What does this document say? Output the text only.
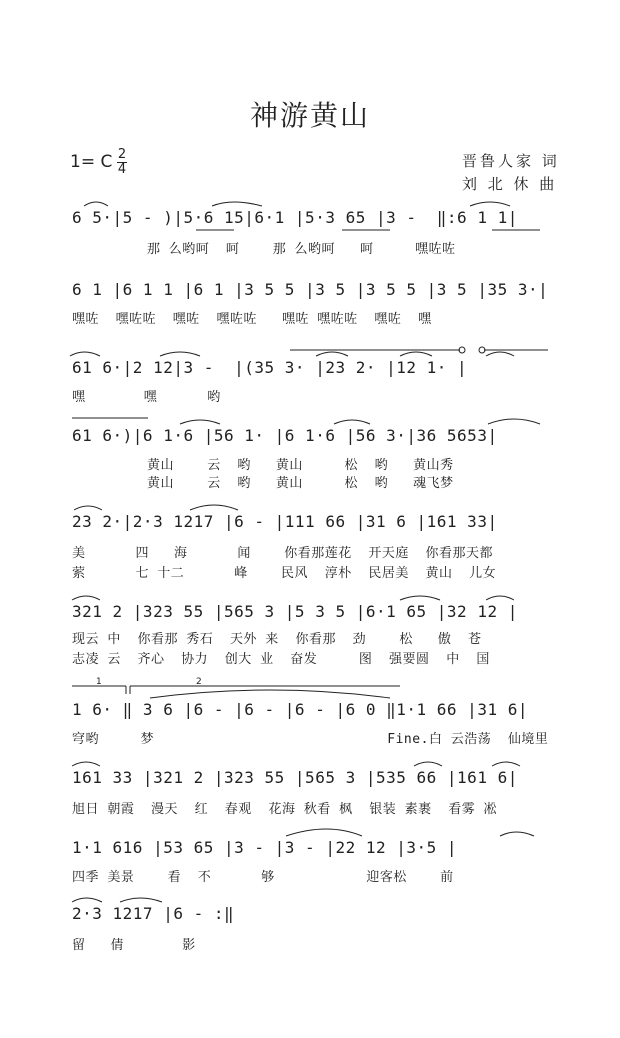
神游黄山
1= C 2
4	晋鲁人家 词
刘 北 休 曲
6 5·|5 - )|5·6 15|6·1 |5·3 65 |3 -  ‖:6 1 1|
那 么哟呵  呵    那 么哟呵   呵     嘿咗咗
6 1 |6 1 1 |6 1 |3 5 5 |3 5 |3 5 5 |3 5 |35 3·|
嘿咗  嘿咗咗  嘿咗  嘿咗咗   嘿咗 嘿咗咗  嘿咗  嘿
61 6·|2 12|3 -  |(35 3· |23 2· |12 1· |
嘿       嘿      哟
61 6·)|6 1·6 |56 1· |6 1·6 |56 3·|36 5653|
黄山    云  哟   黄山     松  哟   黄山秀
黄山    云  哟   黄山     松  哟   魂飞梦
23 2·|2·3 1217 |6 - |111 66 |31 6 |161 33|
美      四   海      闻    你看那莲花  开天庭  你看那天都
萦      七 十二      峰    民风  淳朴  民居美  黄山  儿女
321 2 |323 55 |565 3 |5 3 5 |6·1 65 |32 12 |
现云 中  你看那 秀石  天外 来  你看那  劲    松   傲  苍
志凌 云  齐心  协力  创大 业  奋发     图  强要圆  中  国
1 6· ‖ 3 6 |6 - |6 - |6 - |6 0 ‖1·1 66 |31 6|
穹哟     梦                            Fine.白 云浩荡  仙境里
161 33 |321 2 |323 55 |565 3 |535 66 |161 6|
旭日 朝霞  漫天  红  春观  花海 秋看 枫  银装 素裹  看雾 凇
1·1 616 |53 65 |3 - |3 - |22 12 |3·5 |
四季 美景    看  不      够           迎客松    前
2·3 1217 |6 - :‖
留   倩       影
1	2
